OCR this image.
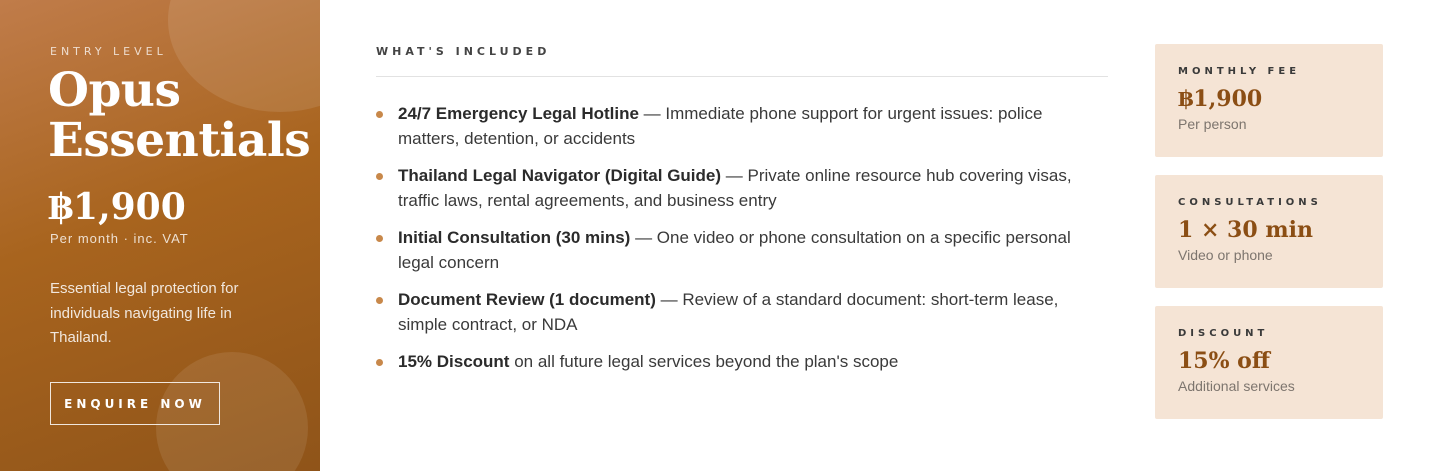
ENTRY LEVEL
Opus Essentials
฿1,900
Per month · inc. VAT

Essential legal protection for individuals navigating life in Thailand.

ENQUIRE NOW
WHAT'S INCLUDED
24/7 Emergency Legal Hotline — Immediate phone support for urgent issues: police matters, detention, or accidents
Thailand Legal Navigator (Digital Guide) — Private online resource hub covering visas, traffic laws, rental agreements, and business entry
Initial Consultation (30 mins) — One video or phone consultation on a specific personal legal concern
Document Review (1 document) — Review of a standard document: short-term lease, simple contract, or NDA
15% Discount on all future legal services beyond the plan's scope
MONTHLY FEE
฿1,900
Per person
CONSULTATIONS
1 × 30 min
Video or phone
DISCOUNT
15% off
Additional services
